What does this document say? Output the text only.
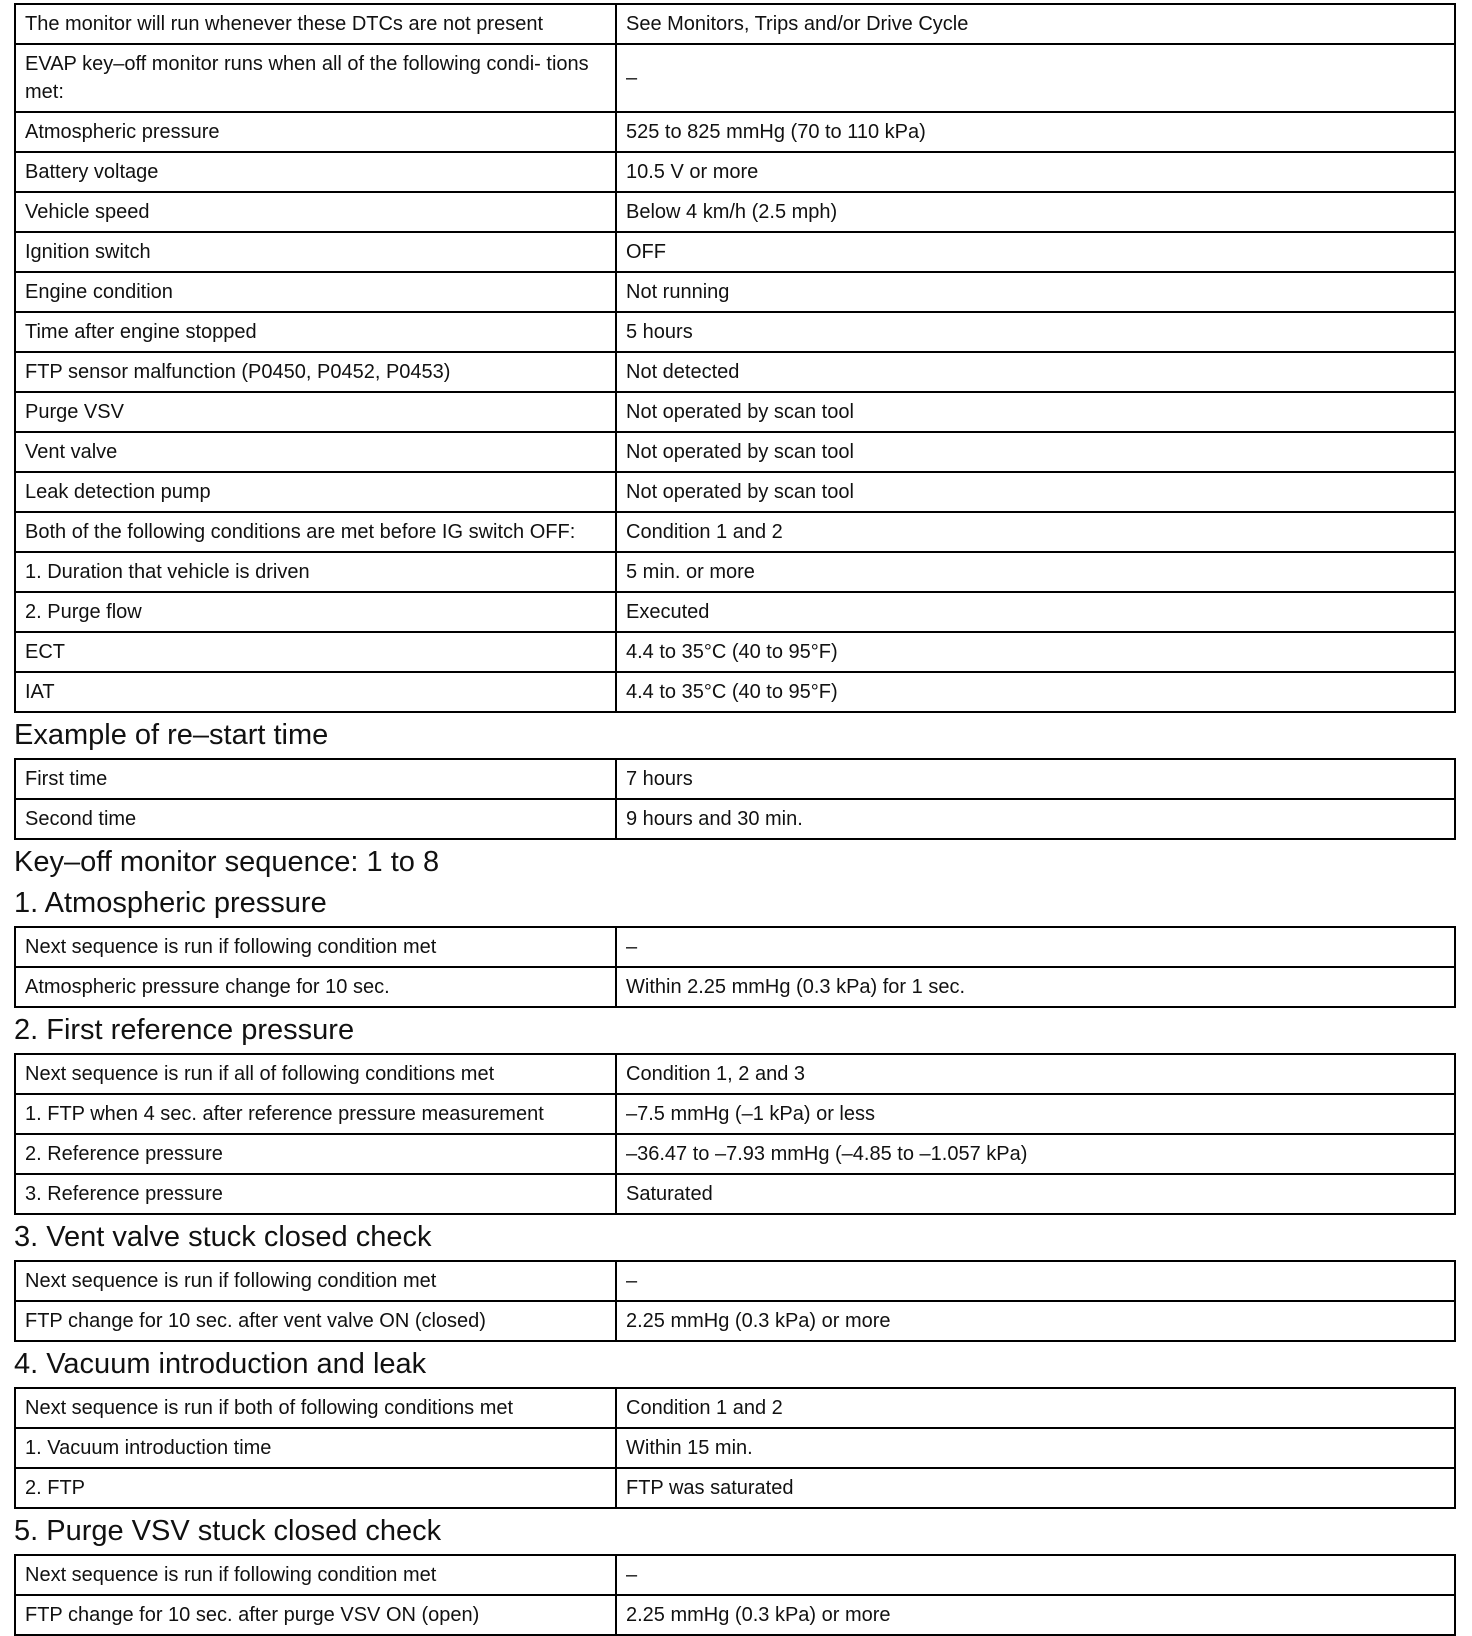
The monitor will run whenever these DTCs are not present	See Monitors, Trips and/or Drive Cycle
EVAP key–off monitor runs when all of the following condi- tions met:	–
Atmospheric pressure	525 to 825 mmHg (70 to 110 kPa)
Battery voltage	10.5 V or more
Vehicle speed	Below 4 km/h (2.5 mph)
Ignition switch	OFF
Engine condition	Not running
Time after engine stopped	5 hours
FTP sensor malfunction (P0450, P0452, P0453)	Not detected
Purge VSV	Not operated by scan tool
Vent valve	Not operated by scan tool
Leak detection pump	Not operated by scan tool
Both of the following conditions are met before IG switch OFF:	Condition 1 and 2
1. Duration that vehicle is driven	5 min. or more
2. Purge flow	Executed
ECT	4.4 to 35°C (40 to 95°F)
IAT	4.4 to 35°C (40 to 95°F)
Example of re–start time
First time	7 hours
Second time	9 hours and 30 min.
Key–off monitor sequence: 1 to 8
1. Atmospheric pressure
Next sequence is run if following condition met	–
Atmospheric pressure change for 10 sec.	Within 2.25 mmHg (0.3 kPa) for 1 sec.
2. First reference pressure
Next sequence is run if all of following conditions met	Condition 1, 2 and 3
1. FTP when 4 sec. after reference pressure measurement	–7.5 mmHg (–1 kPa) or less
2. Reference pressure	–36.47 to –7.93 mmHg (–4.85 to –1.057 kPa)
3. Reference pressure	Saturated
3. Vent valve stuck closed check
Next sequence is run if following condition met	–
FTP change for 10 sec. after vent valve ON (closed)	2.25 mmHg (0.3 kPa) or more
4. Vacuum introduction and leak
Next sequence is run if both of following conditions met	Condition 1 and 2
1. Vacuum introduction time	Within 15 min.
2. FTP	FTP was saturated
5. Purge VSV stuck closed check
Next sequence is run if following condition met	–
FTP change for 10 sec. after purge VSV ON (open)	2.25 mmHg (0.3 kPa) or more
